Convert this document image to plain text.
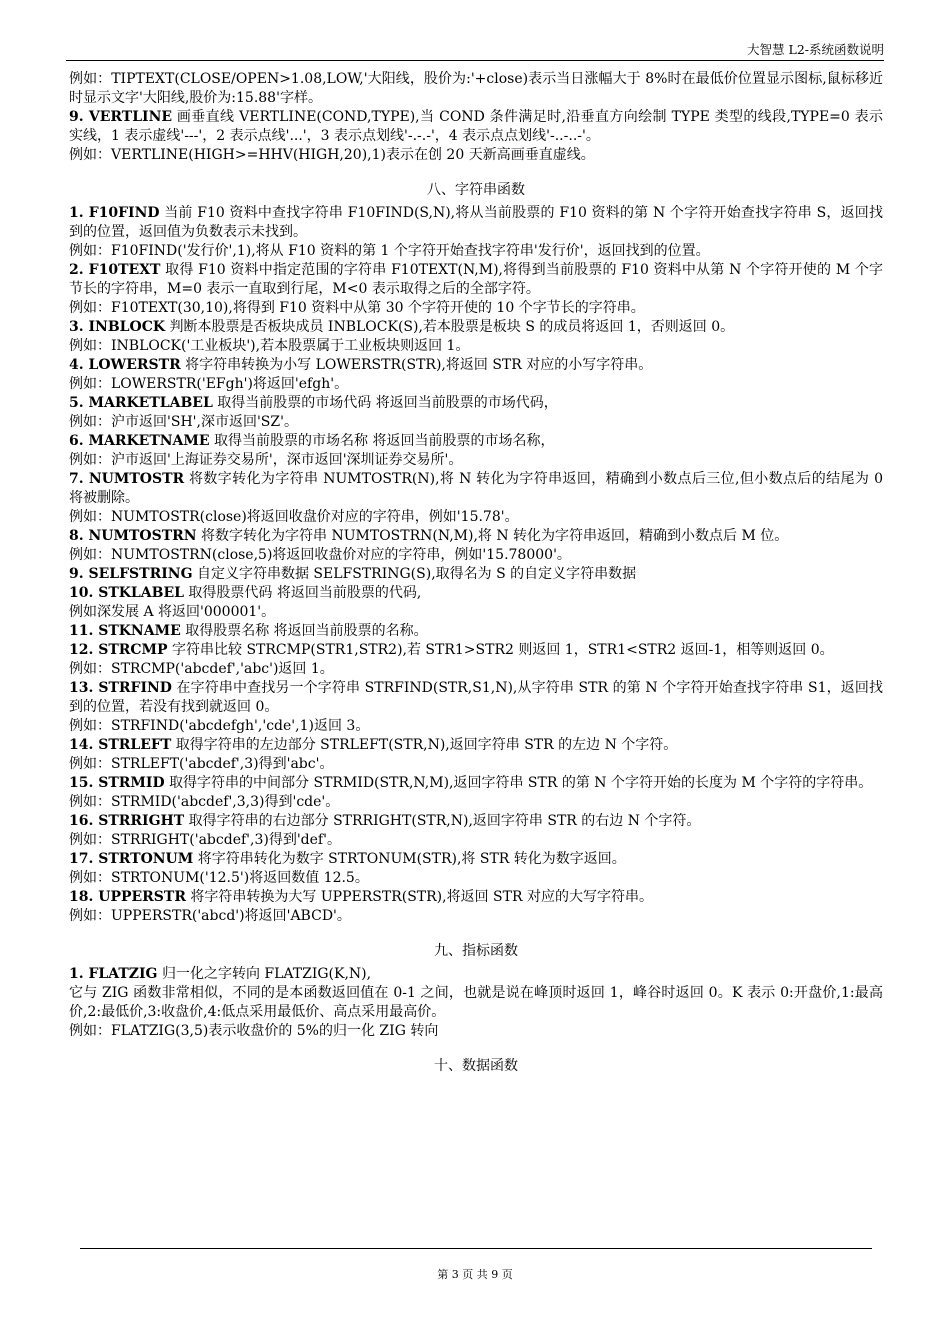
大智慧 L2-系统函数说明

例如：TIPTEXT(CLOSE/OPEN>1.08,LOW,'大阳线，股价为:'+close)表示当日涨幅大于 8%时在最低价位置显示图标,鼠标移近时显示文字'大阳线,股价为:15.88'字样。

9. VERTLINE 画垂直线 VERTLINE(COND,TYPE),当 COND 条件满足时,沿垂直方向绘制 TYPE 类型的线段,TYPE=0 表示实线，1 表示虚线'---'，2 表示点线'...'，3 表示点划线'-.-.-'，4 表示点点划线'-..-..-'。

例如：VERTLINE(HIGH>=HHV(HIGH,20),1)表示在创 20 天新高画垂直虚线。

八、字符串函数

1. F10FIND 当前 F10 资料中查找字符串 F10FIND(S,N),将从当前股票的 F10 资料的第 N 个字符开始查找字符串 S，返回找到的位置，返回值为负数表示未找到。

例如：F10FIND('发行价',1),将从 F10 资料的第 1 个字符开始查找字符串'发行价'，返回找到的位置。

2. F10TEXT 取得 F10 资料中指定范围的字符串 F10TEXT(N,M),将得到当前股票的 F10 资料中从第 N 个字符开使的 M 个字节长的字符串，M=0 表示一直取到行尾，M<0 表示取得之后的全部字符。

例如：F10TEXT(30,10),将得到 F10 资料中从第 30 个字符开使的 10 个字节长的字符串。

3. INBLOCK 判断本股票是否板块成员 INBLOCK(S),若本股票是板块 S 的成员将返回 1，否则返回 0。

例如：INBLOCK('工业板块'),若本股票属于工业板块则返回 1。

4. LOWERSTR 将字符串转换为小写 LOWERSTR(STR),将返回 STR 对应的小写字符串。

例如：LOWERSTR('EFgh')将返回'efgh'。

5. MARKETLABEL 取得当前股票的市场代码 将返回当前股票的市场代码，

例如：沪市返回'SH',深市返回'SZ'。

6. MARKETNAME 取得当前股票的市场名称 将返回当前股票的市场名称，

例如：沪市返回'上海证券交易所'，深市返回'深圳证券交易所'。

7. NUMTOSTR 将数字转化为字符串 NUMTOSTR(N),将 N 转化为字符串返回，精确到小数点后三位,但小数点后的结尾为 0 将被删除。

例如：NUMTOSTR(close)将返回收盘价对应的字符串，例如'15.78'。

8. NUMTOSTRN 将数字转化为字符串 NUMTOSTRN(N,M),将 N 转化为字符串返回，精确到小数点后 M 位。

例如：NUMTOSTRN(close,5)将返回收盘价对应的字符串，例如'15.78000'。

9. SELFSTRING 自定义字符串数据 SELFSTRING(S),取得名为 S 的自定义字符串数据

10. STKLABEL 取得股票代码 将返回当前股票的代码,

例如深发展 A 将返回'000001'。

11. STKNAME 取得股票名称 将返回当前股票的名称。

12. STRCMP 字符串比较 STRCMP(STR1,STR2),若 STR1>STR2 则返回 1，STR1<STR2 返回-1，相等则返回 0。

例如：STRCMP('abcdef','abc')返回 1。

13. STRFIND 在字符串中查找另一个字符串 STRFIND(STR,S1,N),从字符串 STR 的第 N 个字符开始查找字符串 S1，返回找到的位置，若没有找到就返回 0。

例如：STRFIND('abcdefgh','cde',1)返回 3。

14. STRLEFT 取得字符串的左边部分 STRLEFT(STR,N),返回字符串 STR 的左边 N 个字符。

例如：STRLEFT('abcdef',3)得到'abc'。

15. STRMID 取得字符串的中间部分 STRMID(STR,N,M),返回字符串 STR 的第 N 个字符开始的长度为 M 个字符的字符串。

例如：STRMID('abcdef',3,3)得到'cde'。

16. STRRIGHT 取得字符串的右边部分 STRRIGHT(STR,N),返回字符串 STR 的右边 N 个字符。

例如：STRRIGHT('abcdef',3)得到'def'。

17. STRTONUM 将字符串转化为数字 STRTONUM(STR),将 STR 转化为数字返回。

例如：STRTONUM('12.5')将返回数值 12.5。

18. UPPERSTR 将字符串转换为大写 UPPERSTR(STR),将返回 STR 对应的大写字符串。

例如：UPPERSTR('abcd')将返回'ABCD'。

九、指标函数

1. FLATZIG 归一化之字转向 FLATZIG(K,N),

它与 ZIG 函数非常相似，不同的是本函数返回值在 0-1 之间，也就是说在峰顶时返回 1，峰谷时返回 0。K 表示 0:开盘价,1:最高价,2:最低价,3:收盘价,4:低点采用最低价、高点采用最高价。

例如：FLATZIG(3,5)表示收盘价的 5%的归一化 ZIG 转向

十、数据函数
第 3 页 共 9 页
